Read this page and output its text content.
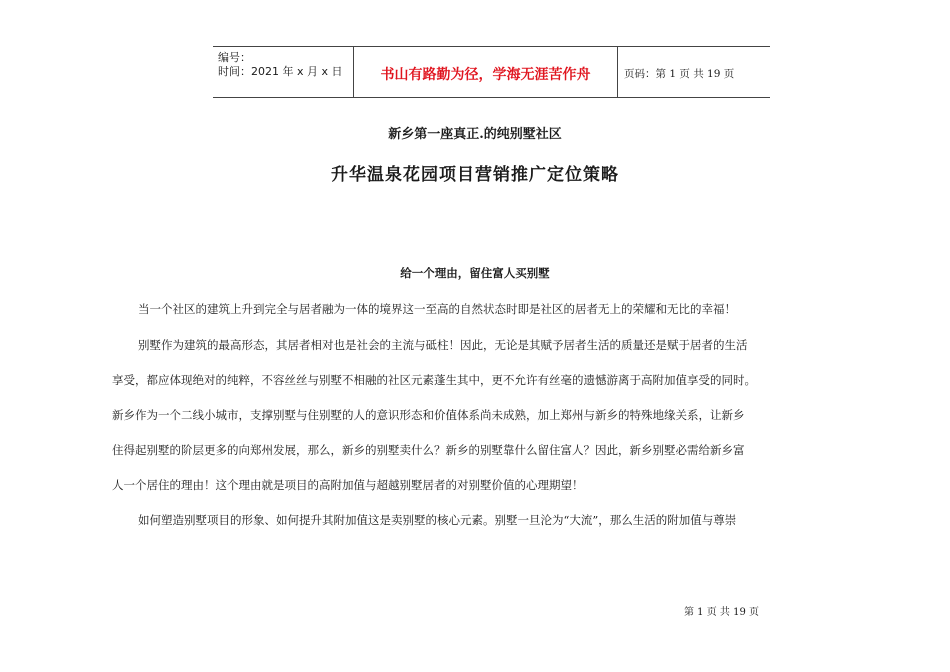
编号：
时间：2021 年 x 月 x 日	书山有路勤为径，学海无涯苦作舟	页码：第 1 页 共 19 页
新乡第一座真正.的纯别墅社区
升华温泉花园项目营销推广定位策略
给一个理由，留住富人买别墅
当一个社区的建筑上升到完全与居者融为一体的境界这一至高的自然状态时即是社区的居者无上的荣耀和无比的幸福！
别墅作为建筑的最高形态，其居者相对也是社会的主流与砥柱！因此，无论是其赋予居者生活的质量还是赋于居者的生活
享受，都应体现绝对的纯粹，不容丝丝与别墅不相融的社区元素蓬生其中，更不允许有丝毫的遗憾游离于高附加值享受的同时。
新乡作为一个二线小城市，支撑别墅与住别墅的人的意识形态和价值体系尚未成熟，加上郑州与新乡的特殊地缘关系，让新乡
住得起别墅的阶层更多的向郑州发展，那么，新乡的别墅卖什么？新乡的别墅靠什么留住富人？因此，新乡别墅必需给新乡富
人一个居住的理由！这个理由就是项目的高附加值与超越别墅居者的对别墅价值的心理期望！
如何塑造别墅项目的形象、如何提升其附加值这是卖别墅的核心元素。别墅一旦沦为“大流”，那么生活的附加值与尊崇
第 1 页 共 19 页
